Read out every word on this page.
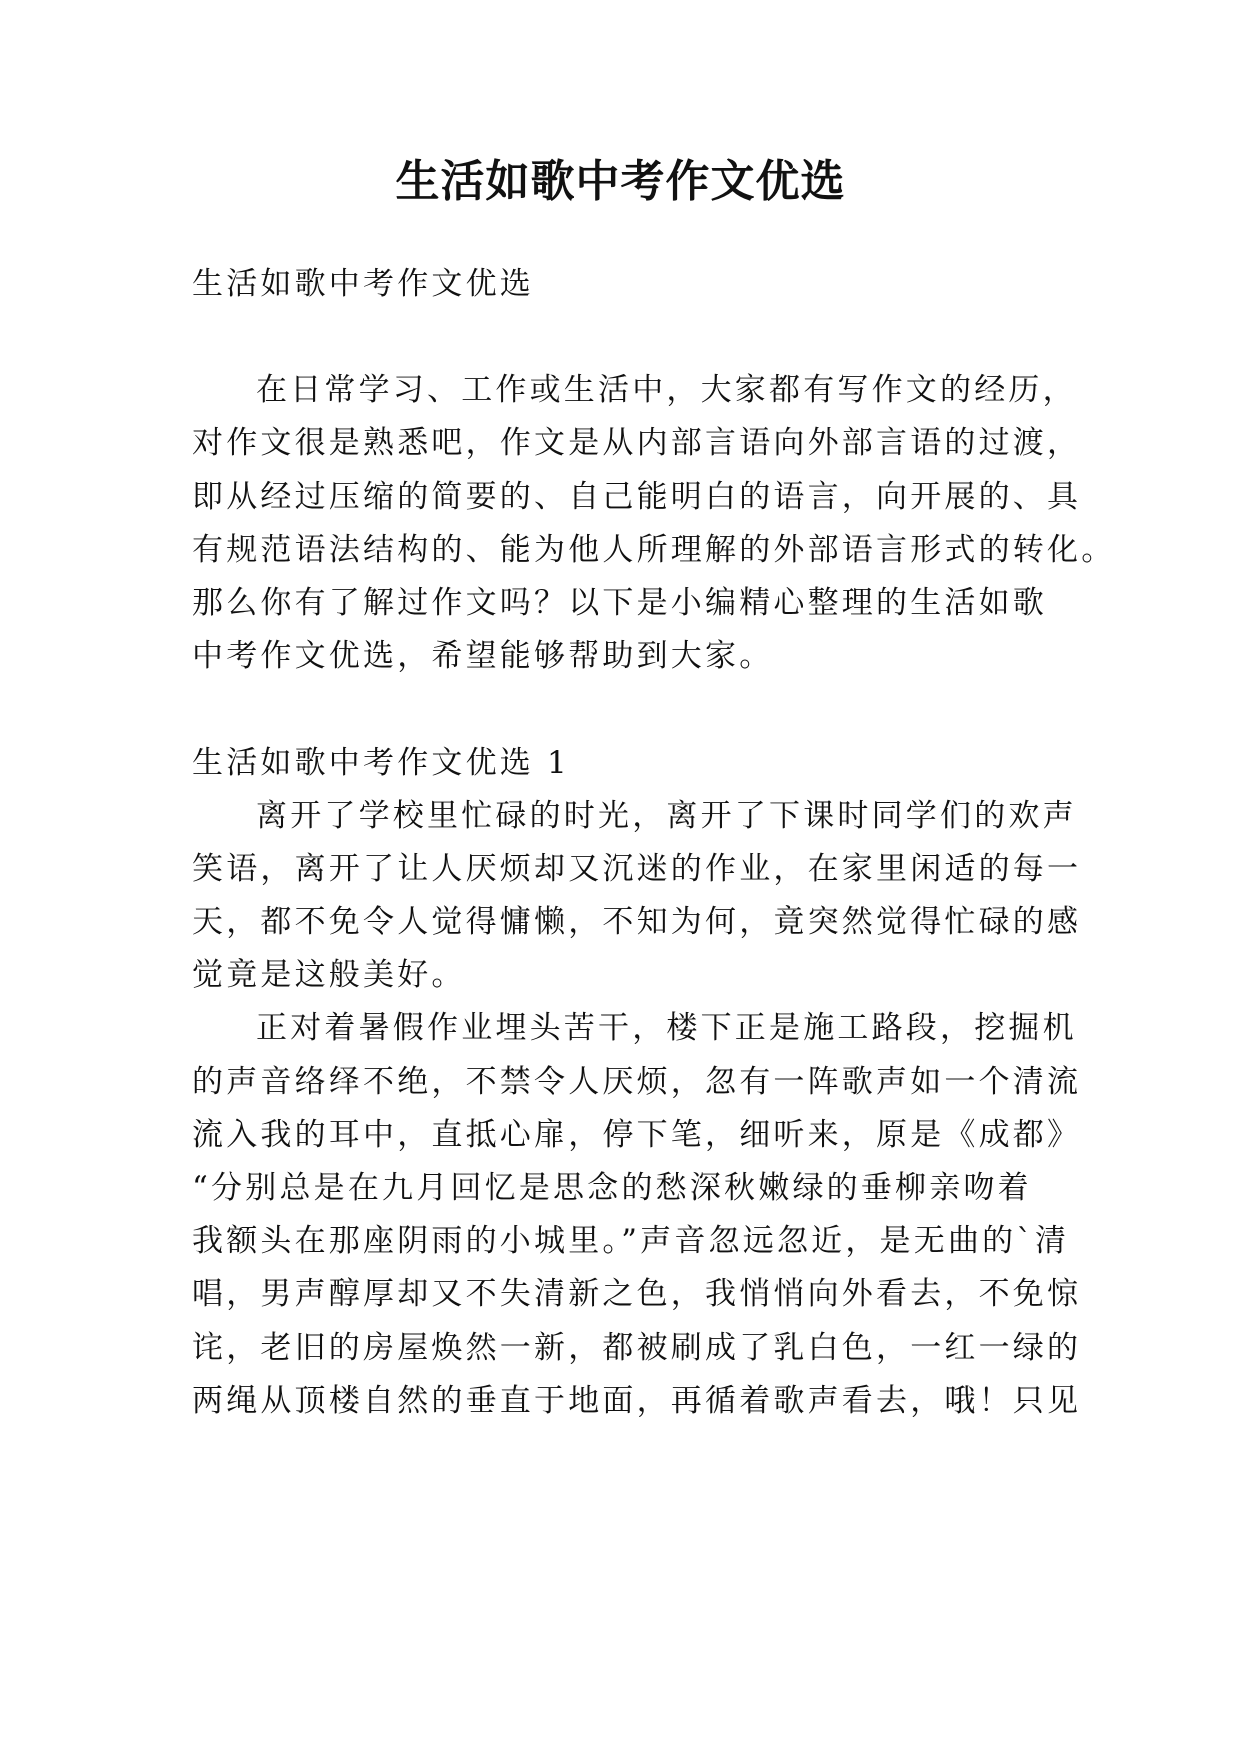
生活如歌中考作文优选
生活如歌中考作文优选
在日常学习、工作或生活中，大家都有写作文的经历，
对作文很是熟悉吧，作文是从内部言语向外部言语的过渡，
即从经过压缩的简要的、自己能明白的语言，向开展的、具
有规范语法结构的、能为他人所理解的外部语言形式的转化。
那么你有了解过作文吗？以下是小编精心整理的生活如歌
中考作文优选，希望能够帮助到大家。
生活如歌中考作文优选 1
离开了学校里忙碌的时光，离开了下课时同学们的欢声
笑语，离开了让人厌烦却又沉迷的作业，在家里闲适的每一
天，都不免令人觉得慵懒，不知为何，竟突然觉得忙碌的感
觉竟是这般美好。
正对着暑假作业埋头苦干，楼下正是施工路段，挖掘机
的声音络绎不绝，不禁令人厌烦，忽有一阵歌声如一个清流
流入我的耳中，直抵心扉，停下笔，细听来，原是《成都》
“分别总是在九月回忆是思念的愁深秋嫩绿的垂柳亲吻着
我额头在那座阴雨的小城里。”声音忽远忽近，是无曲的`清
唱，男声醇厚却又不失清新之色，我悄悄向外看去，不免惊
诧，老旧的房屋焕然一新，都被刷成了乳白色，一红一绿的
两绳从顶楼自然的垂直于地面，再循着歌声看去，哦！只见
